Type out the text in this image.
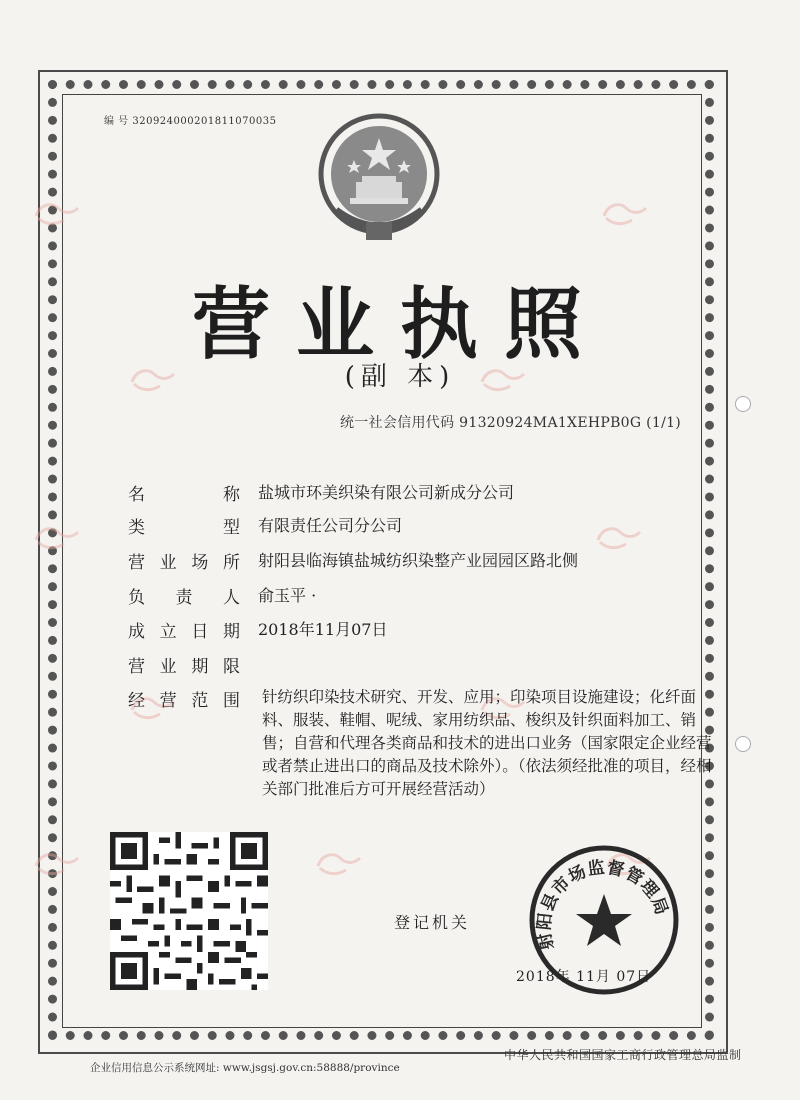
编 号 320924000201811070035
营业执照
(副 本)
统一社会信用代码 91320924MA1XEHPB0G (1/1)
名称 盐城市环美织染有限公司新成分公司
类型 有限责任公司分公司
营业场所 射阳县临海镇盐城纺织染整产业园园区路北侧
负责人 俞玉平 ·
成立日期 2018年11月07日
营业期限
经营范围 针纺织印染技术研究、开发、应用；印染项目设施建设；化纤面料、服装、鞋帽、呢绒、家用纺织品、梭织及针织面料加工、销售；自营和代理各类商品和技术的进出口业务（国家限定企业经营或者禁止进出口的商品及技术除外）。（依法须经批准的项目，经相关部门批准后方可开展经营活动）
登记机关
射阳县市场监督管理局
2018年 11月 07日
企业信用信息公示系统网址: www.jsgsj.gov.cn:58888/province
中华人民共和国国家工商行政管理总局监制
